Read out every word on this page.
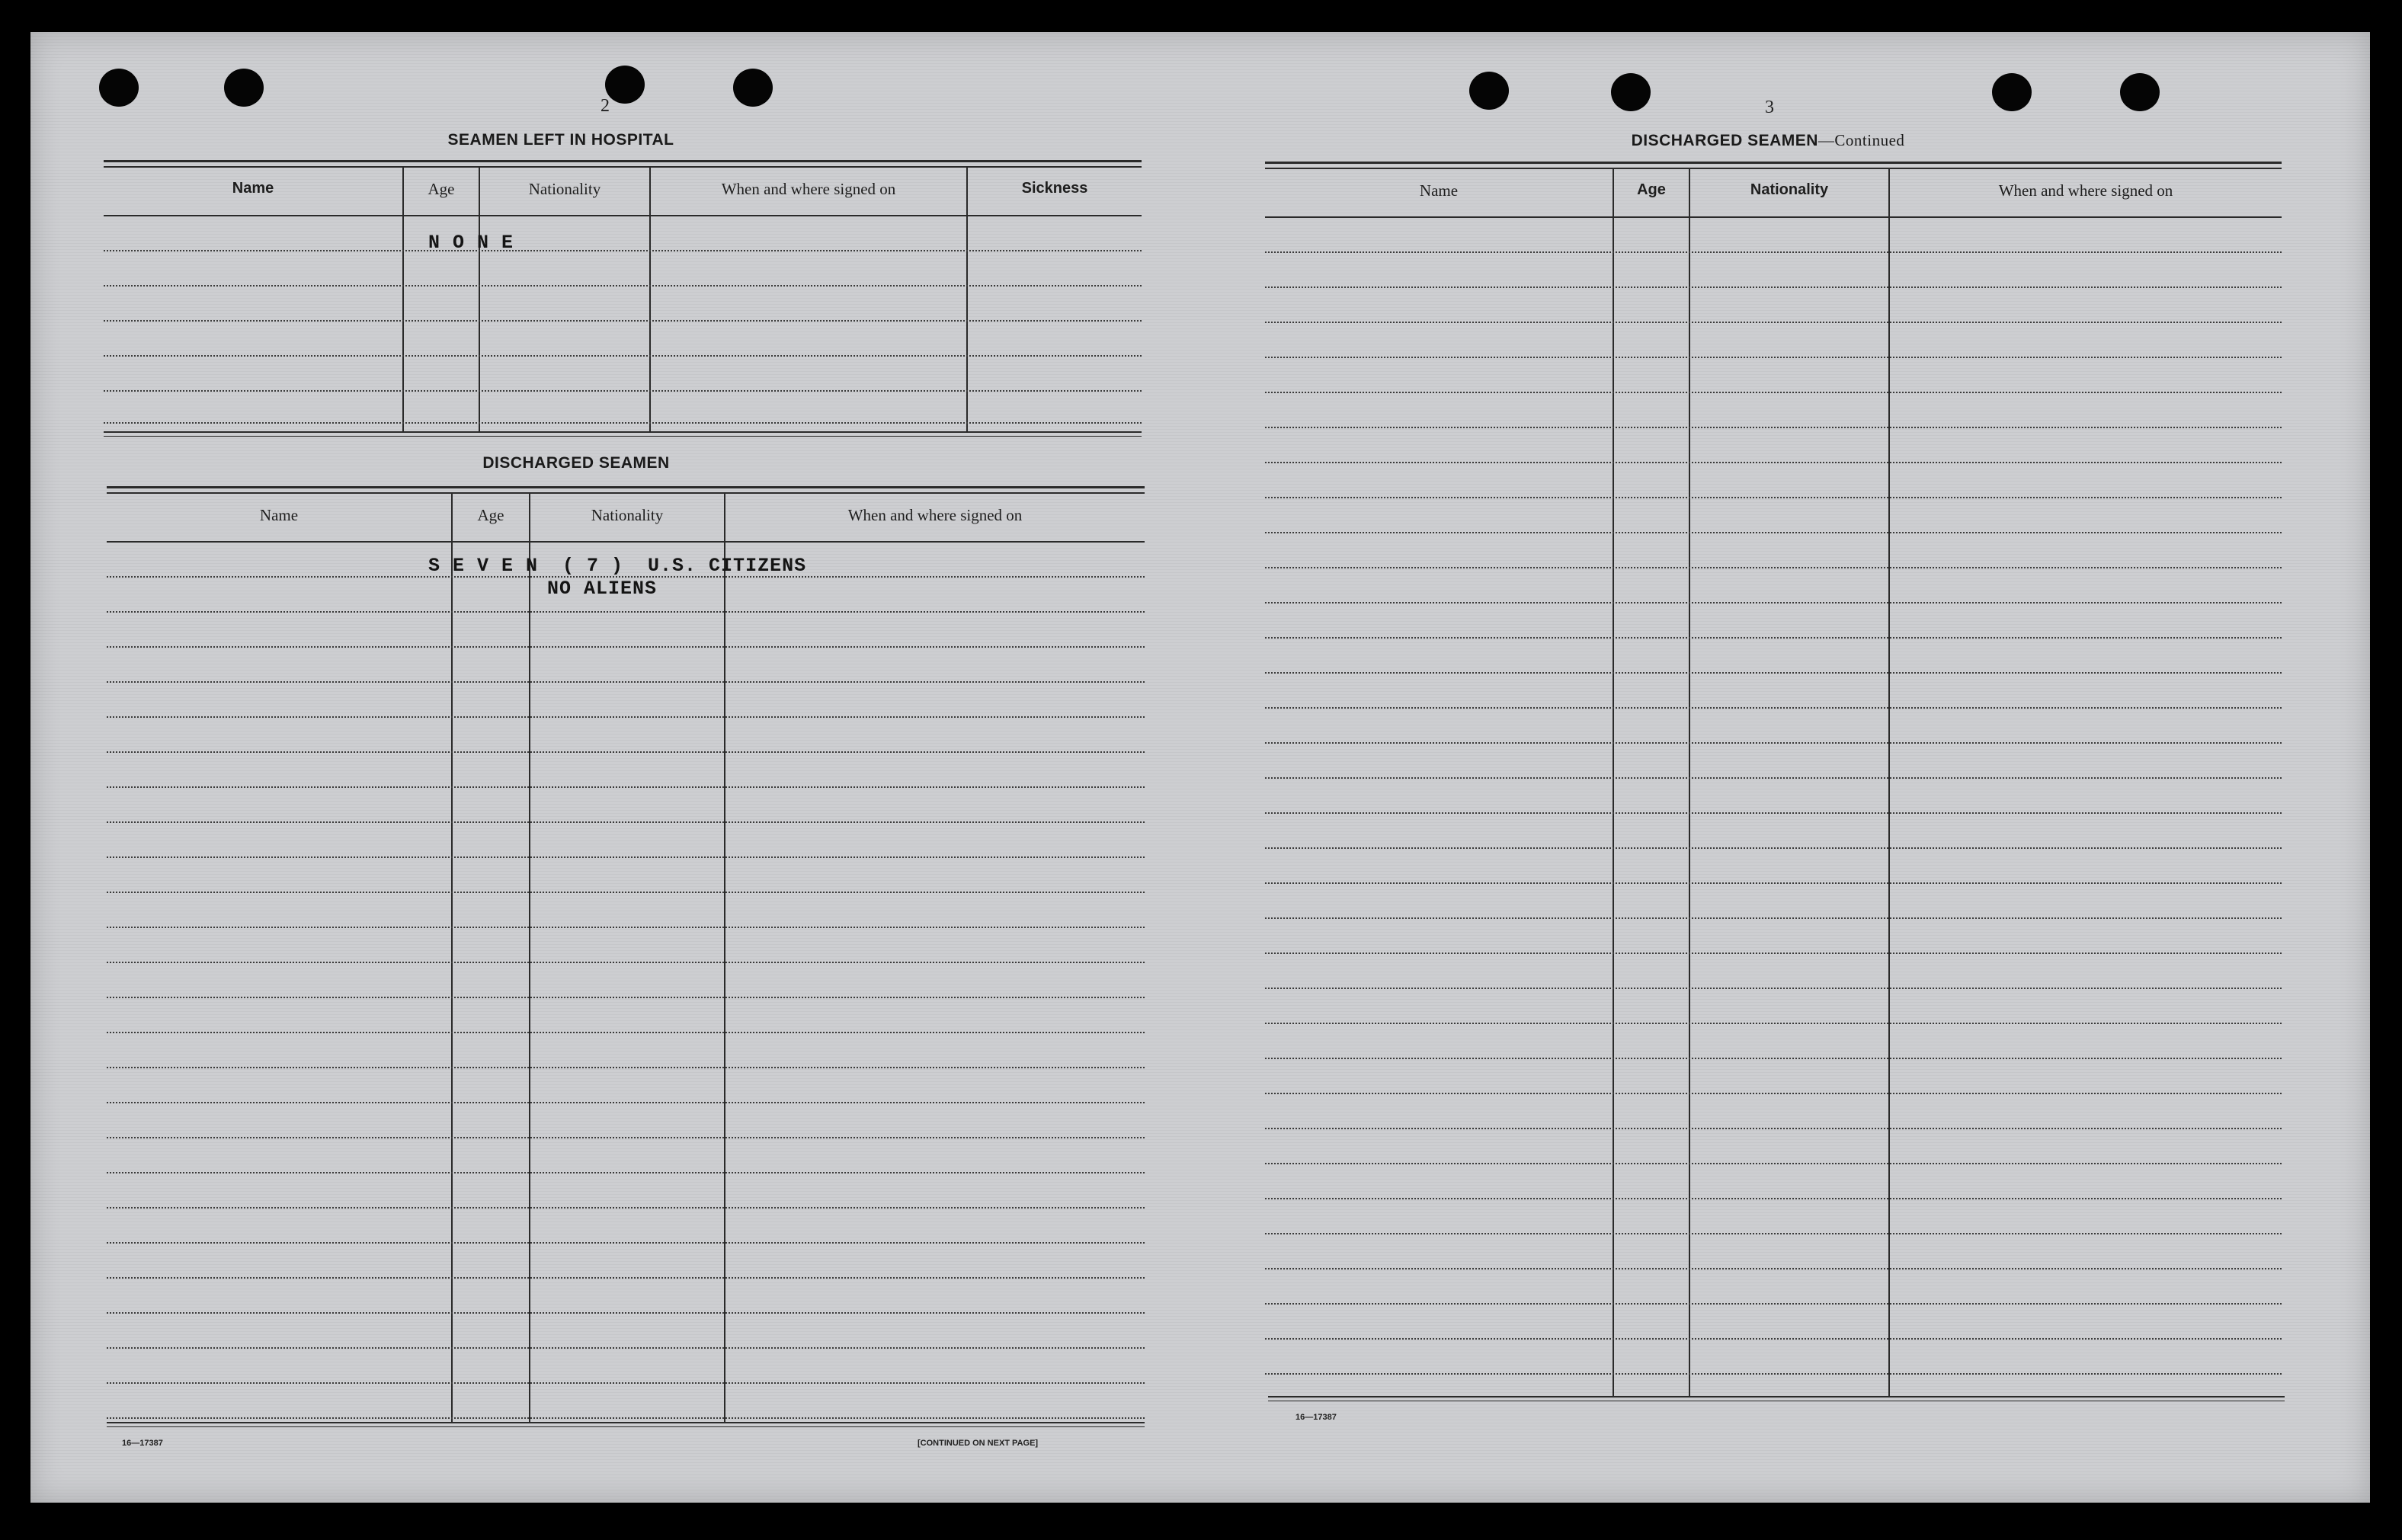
2
SEAMEN LEFT IN HOSPITAL
Name	Age	Nationality	When and where signed on	Sickness
N O N E
DISCHARGED SEAMEN
Name	Age	Nationality	When and where signed on
S E V E N  ( 7 )  U.S. CITIZENS
NO ALIENS
16—17387	[CONTINUED ON NEXT PAGE]
3
DISCHARGED SEAMEN—Continued
Name	Age	Nationality	When and where signed on
16—17387
